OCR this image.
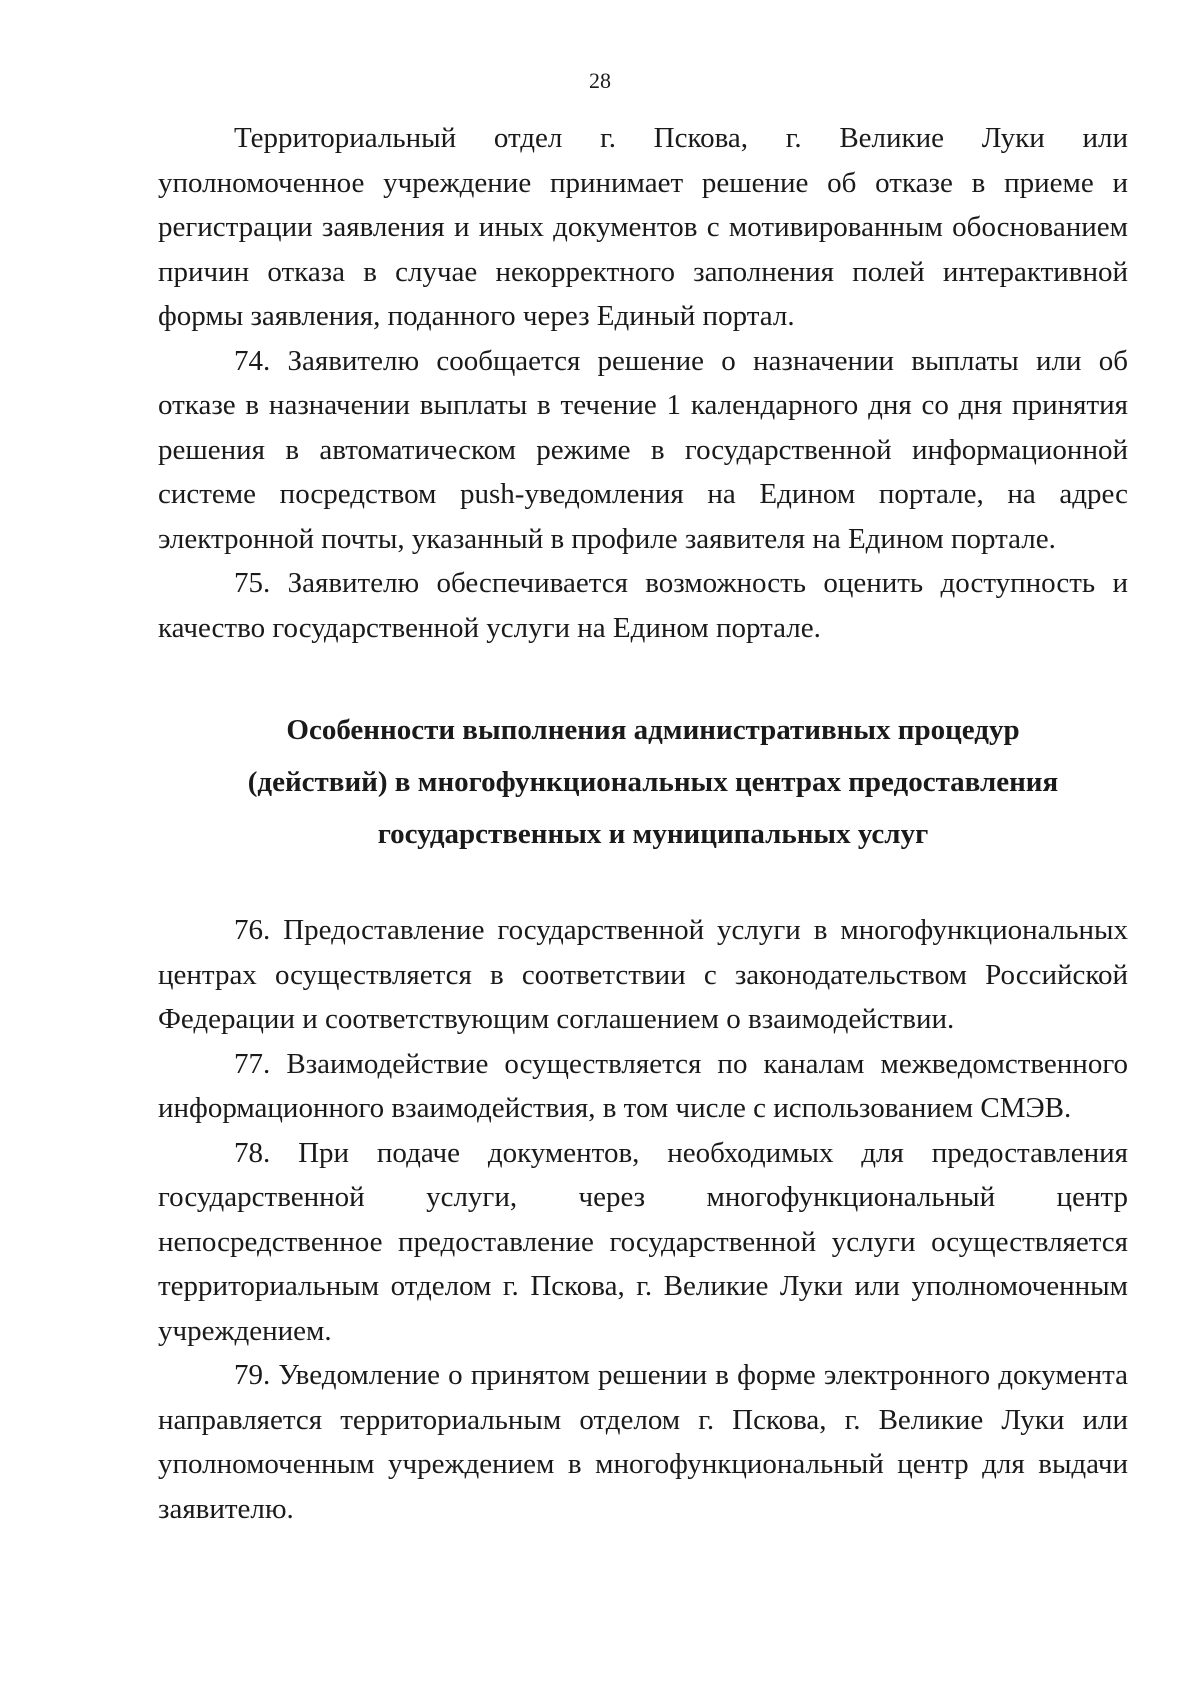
28

Территориальный отдел г. Пскова, г. Великие Луки или уполномоченное учреждение принимает решение об отказе в приеме и регистрации заявления и иных документов с мотивированным обоснованием причин отказа в случае некорректного заполнения полей интерактивной формы заявления, поданного через Единый портал.

74. Заявителю сообщается решение о назначении выплаты или об отказе в назначении выплаты в течение 1 календарного дня со дня принятия решения в автоматическом режиме в государственной информационной системе посредством push-уведомления на Едином портале, на адрес электронной почты, указанный в профиле заявителя на Едином портале.

75. Заявителю обеспечивается возможность оценить доступность и качество государственной услуги на Едином портале.

Особенности выполнения административных процедур
(действий) в многофункциональных центрах предоставления
государственных и муниципальных услуг

76. Предоставление государственной услуги в многофункциональных центрах осуществляется в соответствии с законодательством Российской Федерации и соответствующим соглашением о взаимодействии.

77. Взаимодействие осуществляется по каналам межведомственного информационного взаимодействия, в том числе с использованием СМЭВ.

78. При подаче документов, необходимых для предоставления государственной услуги, через многофункциональный центр непосредственное предоставление государственной услуги осуществляется территориальным отделом г. Пскова, г. Великие Луки или уполномоченным учреждением.

79. Уведомление о принятом решении в форме электронного документа направляется территориальным отделом г. Пскова, г. Великие Луки или уполномоченным учреждением в многофункциональный центр для выдачи заявителю.
